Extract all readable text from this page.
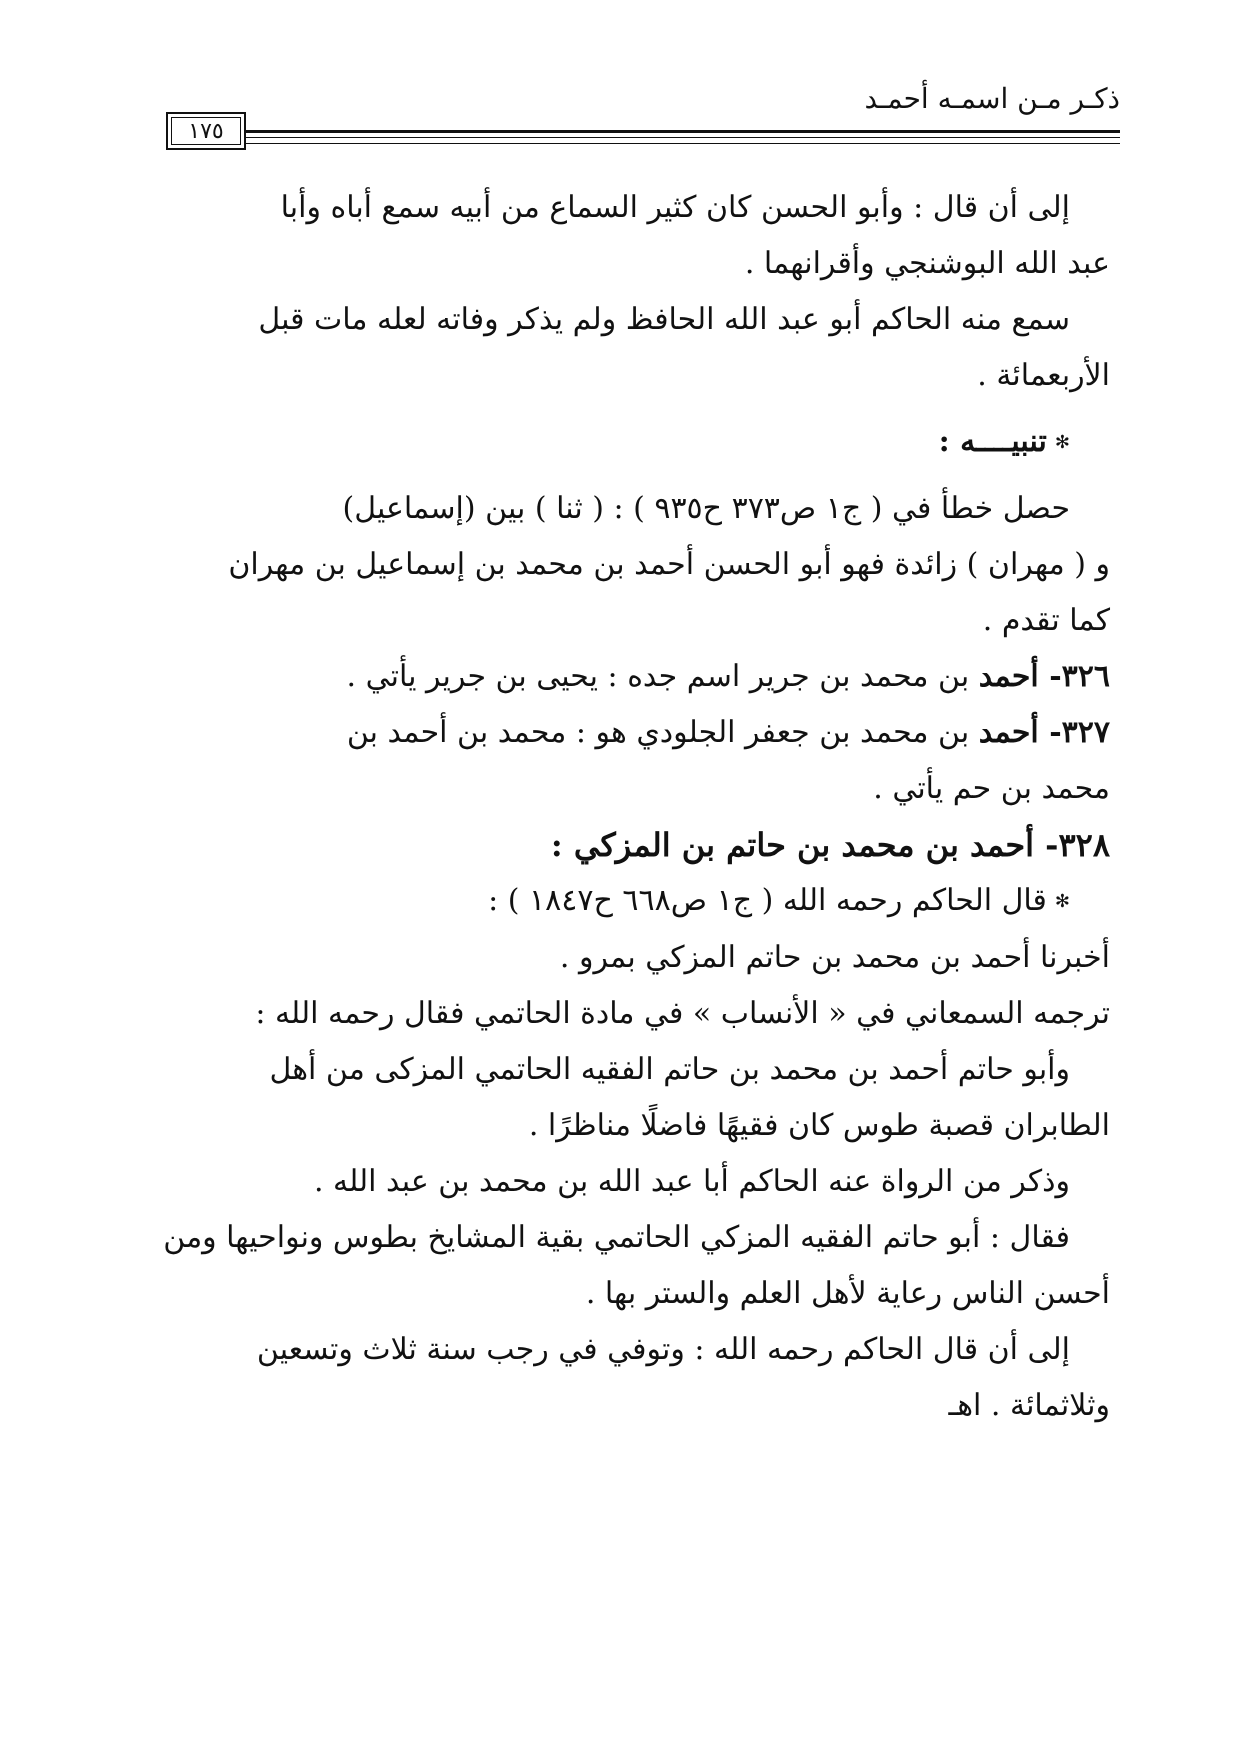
١٧٥
ذكـر مـن اسمـه أحمـد

إلى أن قال : وأبو الحسن كان كثير السماع من أبيه سمع أباه وأبا

عبد الله البوشنجي وأقرانهما .

سمع منه الحاكم أبو عبد الله الحافظ ولم يذكر وفاته لعله مات قبل

الأربعمائة .

✻تنبيــــه :

حصل خطأ في ( ج١ ص٣٧٣ ح٩٣٥ ) : ( ثنا ) بين (إسماعيل)

و ( مهران ) زائدة فهو أبو الحسن أحمد بن محمد بن إسماعيل بن مهران

كما تقدم .

٣٢٦- أحمد بن محمد بن جرير اسم جده : يحيى بن جرير يأتي .

٣٢٧- أحمد بن محمد بن جعفر الجلودي هو : محمد بن أحمد بن

محمد بن حم يأتي .

٣٢٨- أحمد بن محمد بن حاتم بن المزكي :

✻قال الحاكم رحمه الله ( ج١ ص٦٦٨ ح١٨٤٧ ) :

أخبرنا أحمد بن محمد بن حاتم المزكي بمرو .

ترجمه السمعاني في « الأنساب » في مادة الحاتمي فقال رحمه الله :

وأبو حاتم أحمد بن محمد بن حاتم الفقيه الحاتمي المزكى من أهل

الطابران قصبة طوس كان فقيهًا فاضلًا مناظرًا .

وذكر من الرواة عنه الحاكم أبا عبد الله بن محمد بن عبد الله .

فقال : أبو حاتم الفقيه المزكي الحاتمي بقية المشايخ بطوس ونواحيها ومن

أحسن الناس رعاية لأهل العلم والستر بها .

إلى أن قال الحاكم رحمه الله : وتوفي في رجب سنة ثلاث وتسعين

وثلاثمائة . اهـ
